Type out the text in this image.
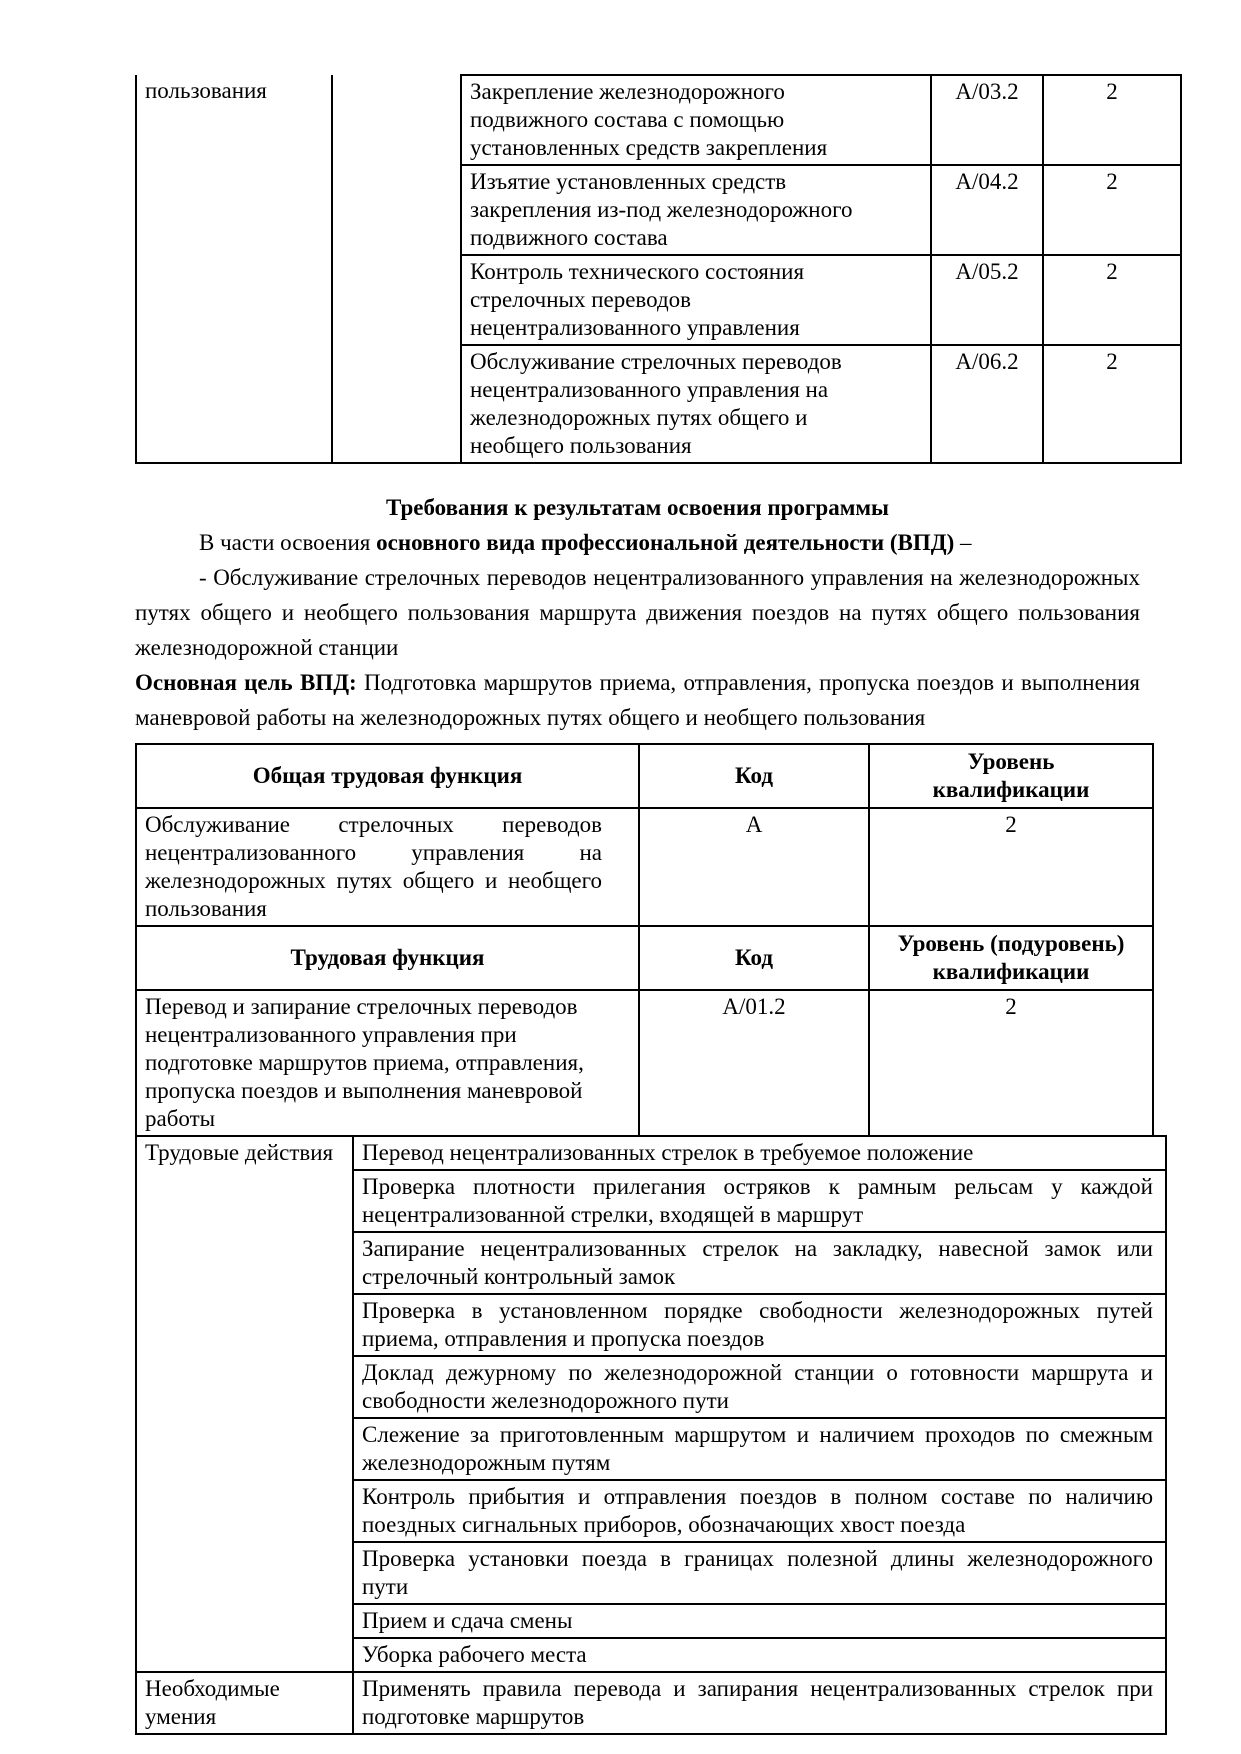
пользования		Закрепление железнодорожного подвижного состава с помощью установленных средств закрепления	А/03.2	2
		Изъятие установленных средств закрепления из-под железнодорожного подвижного состава	А/04.2	2
		Контроль технического состояния стрелочных переводов нецентрализованного управления	А/05.2	2
		Обслуживание стрелочных переводов нецентрализованного управления на железнодорожных путях общего и необщего пользования	А/06.2	2
Требования к результатам освоения программы
В части освоения основного вида профессиональной деятельности (ВПД) –
- Обслуживание стрелочных переводов нецентрализованного управления на железнодорожных путях общего и необщего пользования маршрута движения поездов на путях общего пользования железнодорожной станции
Основная цель ВПД: Подготовка маршрутов приема, отправления, пропуска поездов и выполнения маневровой работы на железнодорожных путях общего и необщего пользования
Общая трудовая функция	Код	Уровень квалификации

Обслуживание стрелочных переводов нецентрализованного управления на железнодорожных путях общего и необщего пользования	А	2
Трудовая функция	Код	Уровень (подуровень) квалификации
Перевод и запирание стрелочных переводов нецентрализованного управления при подготовке маршрутов приема, отправления, пропуска поездов и выполнения маневровой работы	А/01.2	2
Трудовые действия	Перевод нецентрализованных стрелок в требуемое положение
	Проверка плотности прилегания остряков к рамным рельсам у каждой нецентрализованной стрелки, входящей в маршрут
	Запирание нецентрализованных стрелок на закладку, навесной замок или стрелочный контрольный замок
	Проверка в установленном порядке свободности железнодорожных путей приема, отправления и пропуска поездов
	Доклад дежурному по железнодорожной станции о готовности маршрута и свободности железнодорожного пути
	Слежение за приготовленным маршрутом и наличием проходов по смежным железнодорожным путям
	Контроль прибытия и отправления поездов в полном составе по наличию поездных сигнальных приборов, обозначающих хвост поезда
	Проверка установки поезда в границах полезной длины железнодорожного пути
	Прием и сдача смены
	Уборка рабочего места
Необходимые умения	Применять правила перевода и запирания нецентрализованных стрелок при подготовке маршрутов
